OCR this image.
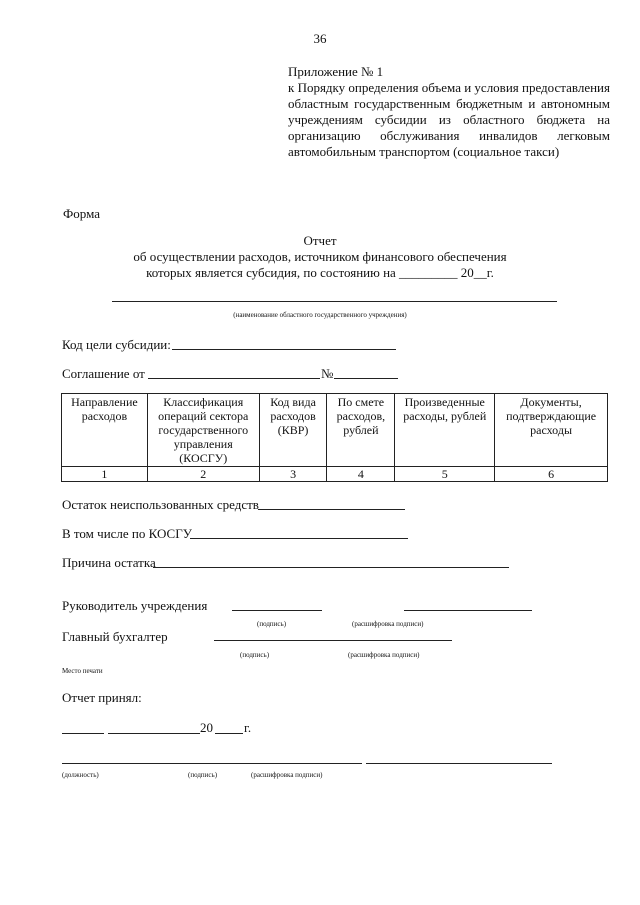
36
Приложение № 1
к Порядку определения объема и условия предоставления областным государственным бюджетным и автономным учреждениям субсидии из областного бюджета на организацию обслуживания инвалидов легковым автомобильным транспортом (социальное такси)
Форма
Отчет
об осуществлении расходов, источником финансового обеспечения
которых является субсидия, по состоянию на _________ 20__г.
(наименование областного государственного учреждения)
Код цели субсидии:
Соглашение от	№
Направление расходов	Классификация операций сектора государственного управления (КОСГУ)	Код вида расходов (КВР)	По смете расходов, рублей	Произведенные расходы, рублей	Документы, подтверждающие расходы
1	2	3	4	5	6
Остаток неиспользованных средств
В том числе по КОСГУ
Причина остатка
Руководитель учреждения
(подпись)	(расшифровка подписи)
Главный бухгалтер
(подпись)	(расшифровка подписи)
Место печати
Отчет принял:
20 г.
(должность)	(подпись)	(расшифровка подписи)
